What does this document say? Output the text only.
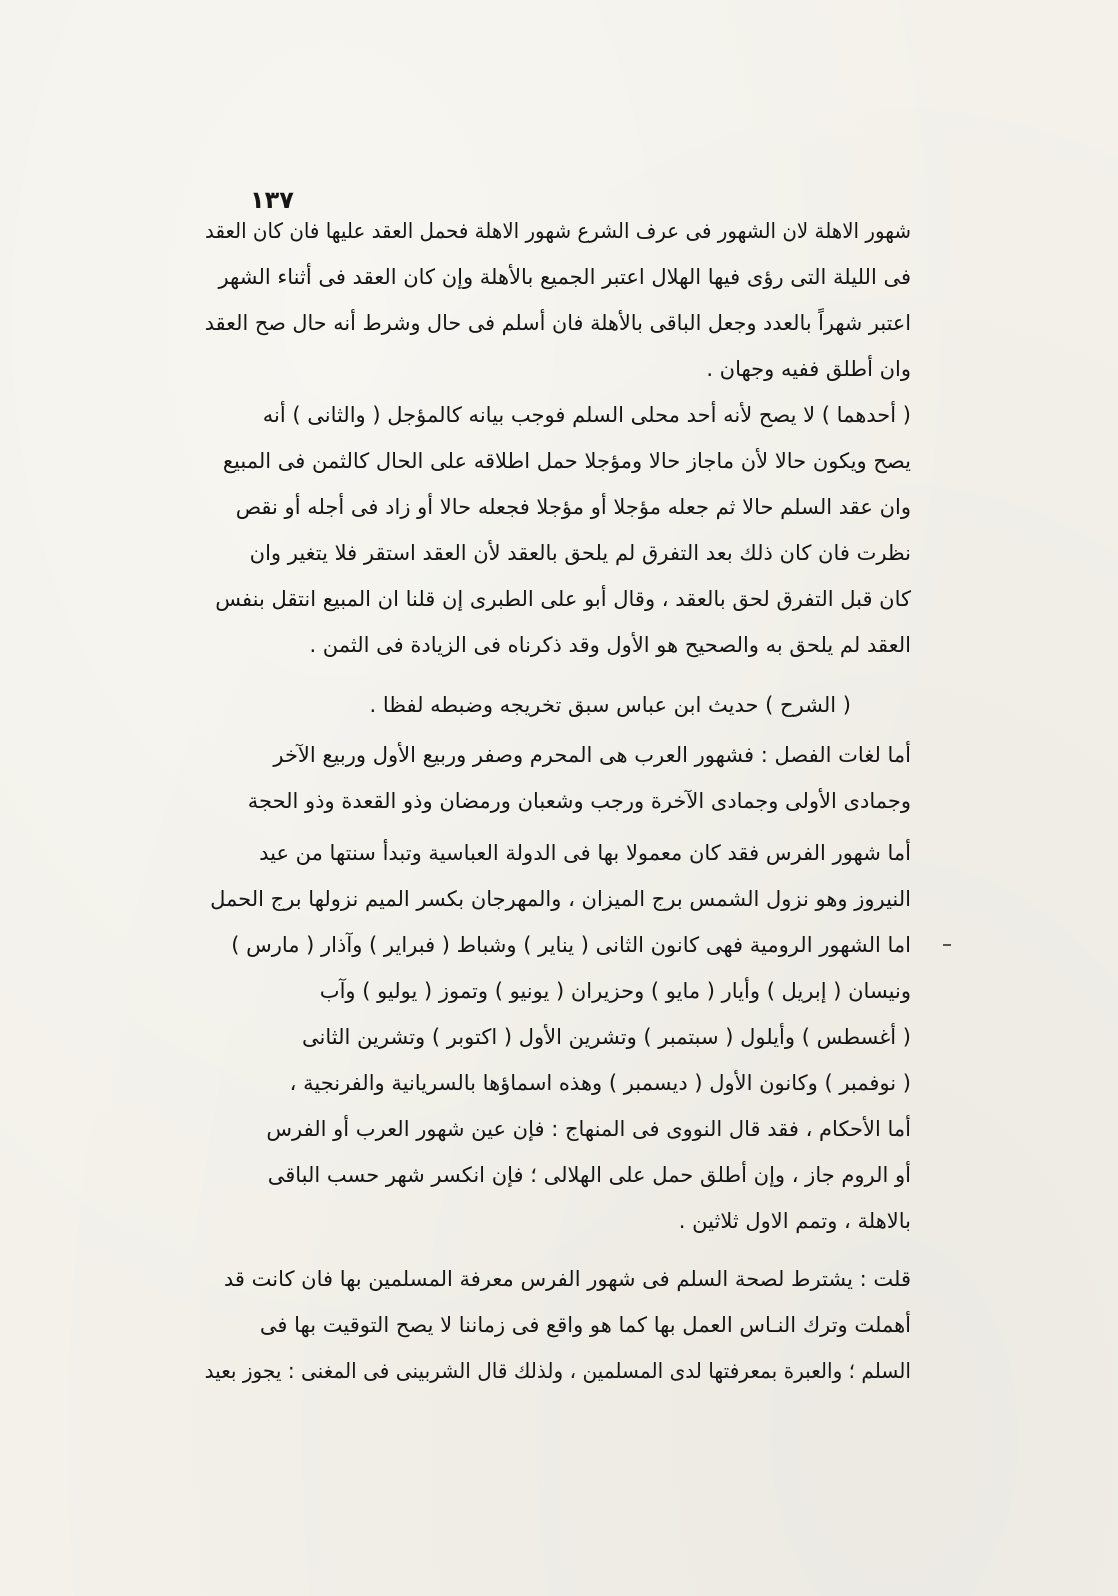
١٣٧
شهور الاهلة لان الشهور فى عرف الشرع شهور الاهلة فحمل العقد عليها فان كان العقد
فى الليلة التى رؤى فيها الهلال اعتبر الجميع بالأهلة وإن كان العقد فى أثناء الشهر
اعتبر شهراً بالعدد وجعل الباقى بالأهلة فان أسلم فى حال وشرط أنه حال صح العقد
وان أطلق ففيه وجهان .
( أحدهما ) لا يصح لأنه أحد محلى السلم فوجب بيانه كالمؤجل ( والثانى ) أنه
يصح ويكون حالا لأن ماجاز حالا ومؤجلا حمل اطلاقه على الحال كالثمن فى المبيع
وان عقد السلم حالا ثم جعله مؤجلا أو مؤجلا فجعله حالا أو زاد فى أجله أو نقص
نظرت فان كان ذلك بعد التفرق لم يلحق بالعقد لأن العقد استقر فلا يتغير وان
كان قبل التفرق لحق بالعقد ، وقال أبو على الطبرى إن قلنا ان المبيع انتقل بنفس
العقد لم يلحق به والصحيح هو الأول وقد ذكرناه فى الزيادة فى الثمن .
( الشرح ) حديث ابن عباس سبق تخريجه وضبطه لفظا .
أما لغات الفصل : فشهور العرب هى المحرم وصفر وربيع الأول وربيع الآخر
وجمادى الأولى وجمادى الآخرة ورجب وشعبان ورمضان وذو القعدة وذو الحجة
أما شهور الفرس فقد كان معمولا بها فى الدولة العباسية وتبدأ سنتها من عيد
النيروز وهو نزول الشمس برج الميزان ، والمهرجان بكسر الميم نزولها برج الحمل
اما الشهور الرومية فهى كانون الثانى ( يناير ) وشباط ( فبراير ) وآذار ( مارس )
ونيسان ( إبريل ) وأيار ( مايو ) وحزيران ( يونيو ) وتموز ( يوليو ) وآب
( أغسطس ) وأيلول ( سبتمبر ) وتشرين الأول ( اكتوبر ) وتشرين الثانى
( نوفمبر ) وكانون الأول ( ديسمبر ) وهذه اسماؤها بالسريانية والفرنجية ،
أما الأحكام ، فقد قال النووى فى المنهاج : فإن عين شهور العرب أو الفرس
أو الروم جاز ، وإن أطلق حمل على الهلالى ؛ فإن انكسر شهر حسب الباقى
بالاهلة ، وتمم الاول ثلاثين .
قلت : يشترط لصحة السلم فى شهور الفرس معرفة المسلمين بها فان كانت قد
أهملت وترك النـاس العمل بها كما هو واقع فى زماننا لا يصح التوقيت بها فى
السلم ؛ والعبرة بمعرفتها لدى المسلمين ، ولذلك قال الشربينى فى المغنى : يجوز بعيد
